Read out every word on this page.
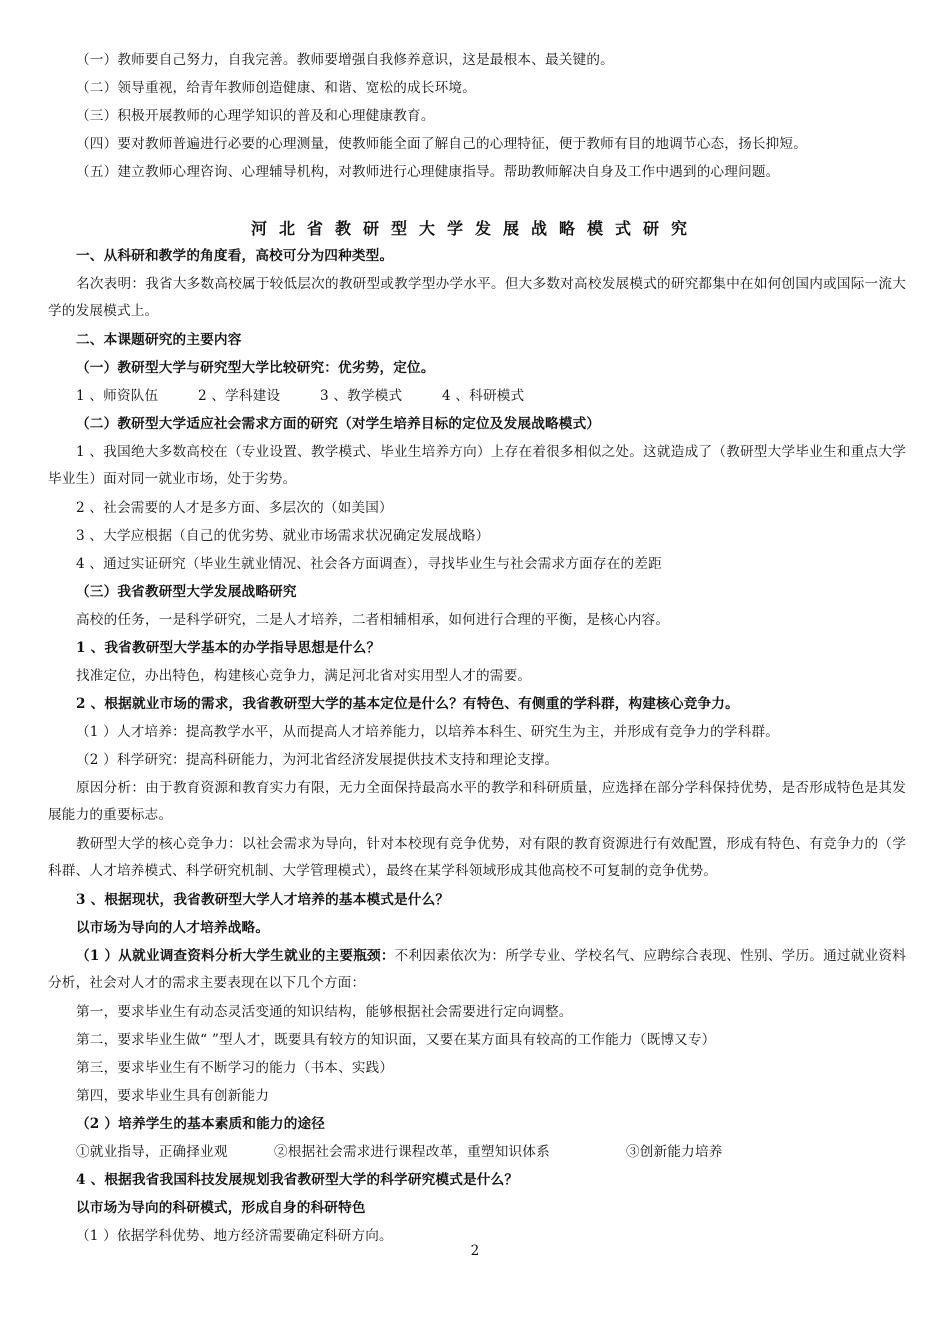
（一）教师要自己努力，自我完善。教师要增强自我修养意识，这是最根本、最关键的。
（二）领导重视，给青年教师创造健康、和谐、宽松的成长环境。
（三）积极开展教师的心理学知识的普及和心理健康教育。
（四）要对教师普遍进行必要的心理测量，使教师能全面了解自己的心理特征，便于教师有目的地调节心态，扬长抑短。
（五）建立教师心理咨询、心理辅导机构，对教师进行心理健康指导。帮助教师解决自身及工作中遇到的心理问题。
河北省教研型大学发展战略模式研究
一、从科研和教学的角度看，高校可分为四种类型。
名次表明：我省大多数高校属于较低层次的教研型或教学型办学水平。但大多数对高校发展模式的研究都集中在如何创国内或国际一流大学的发展模式上。
二、本课题研究的主要内容
（一）教研型大学与研究型大学比较研究：优劣势，定位。
1 、师资队伍	2 、学科建设	3 、教学模式	4 、科研模式
（二）教研型大学适应社会需求方面的研究（对学生培养目标的定位及发展战略模式）
1 、我国绝大多数高校在（专业设置、教学模式、毕业生培养方向）上存在着很多相似之处。这就造成了（教研型大学毕业生和重点大学毕业生）面对同一就业市场，处于劣势。
2 、社会需要的人才是多方面、多层次的（如美国）
3 、大学应根据（自己的优劣势、就业市场需求状况确定发展战略）
4 、通过实证研究（毕业生就业情况、社会各方面调查），寻找毕业生与社会需求方面存在的差距
（三）我省教研型大学发展战略研究
高校的任务，一是科学研究，二是人才培养，二者相辅相承，如何进行合理的平衡，是核心内容。
1 、我省教研型大学基本的办学指导思想是什么？
找准定位，办出特色，构建核心竞争力，满足河北省对实用型人才的需要。
2 、根据就业市场的需求，我省教研型大学的基本定位是什么？有特色、有侧重的学科群，构建核心竞争力。
（1 ）人才培养：提高教学水平，从而提高人才培养能力，以培养本科生、研究生为主，并形成有竞争力的学科群。
（2 ）科学研究：提高科研能力，为河北省经济发展提供技术支持和理论支撑。
原因分析：由于教育资源和教育实力有限，无力全面保持最高水平的教学和科研质量，应选择在部分学科保持优势，是否形成特色是其发展能力的重要标志。
教研型大学的核心竞争力：以社会需求为导向，针对本校现有竞争优势，对有限的教育资源进行有效配置，形成有特色、有竞争力的（学科群、人才培养模式、科学研究机制、大学管理模式），最终在某学科领域形成其他高校不可复制的竞争优势。
3 、根据现状，我省教研型大学人才培养的基本模式是什么？
以市场为导向的人才培养战略。
（1 ）从就业调查资料分析大学生就业的主要瓶颈：不利因素依次为：所学专业、学校名气、应聘综合表现、性别、学历。通过就业资料分析，社会对人才的需求主要表现在以下几个方面：
第一，要求毕业生有动态灵活变通的知识结构，能够根据社会需要进行定向调整。
第二，要求毕业生做“ ”型人才，既要具有较方的知识面，又要在某方面具有较高的工作能力（既博又专）
第三，要求毕业生有不断学习的能力（书本、实践）
第四，要求毕业生具有创新能力
（2 ）培养学生的基本素质和能力的途径
①就业指导，正确择业观	②根据社会需求进行课程改革，重塑知识体系	③创新能力培养
4 、根据我省我国科技发展规划我省教研型大学的科学研究模式是什么？
以市场为导向的科研模式，形成自身的科研特色
（1 ）依据学科优势、地方经济需要确定科研方向。
2
